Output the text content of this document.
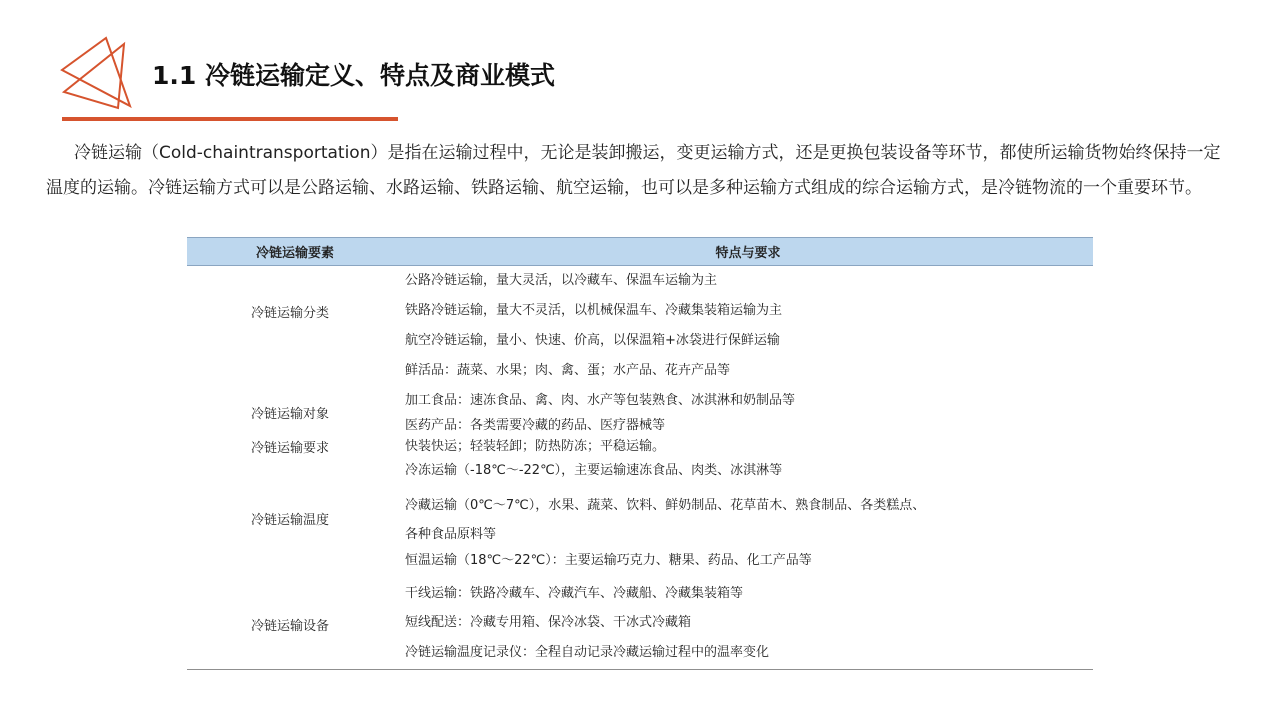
1.1 冷链运输定义、特点及商业模式

冷链运输（Cold-chaintransportation）是指在运输过程中，无论是装卸搬运，变更运输方式，还是更换包装设备等环节，都使所运输货物始终保持一定温度的运输。冷链运输方式可以是公路运输、水路运输、铁路运输、航空运输，也可以是多种运输方式组成的综合运输方式，是冷链物流的一个重要环节。

冷链运输要素	特点与要求
冷链运输分类	公路冷链运输，量大灵活，以冷藏车、保温车运输为主
铁路冷链运输，量大不灵活，以机械保温车、冷藏集装箱运输为主
航空冷链运输，量小、快速、价高，以保温箱+冰袋进行保鲜运输

冷链运输对象	鲜活品：蔬菜、水果；肉、禽、蛋；水产品、花卉产品等
加工食品：速冻食品、禽、肉、水产等包装熟食、冰淇淋和奶制品等
医药产品：各类需要冷藏的药品、医疗器械等

冷链运输要求	快装快运；轻装轻卸；防热防冻；平稳运输。

冷链运输温度	冷冻运输（-18℃～-22℃），主要运输速冻食品、肉类、冰淇淋等
冷藏运输（0℃～7℃），水果、蔬菜、饮料、鲜奶制品、花草苗木、熟食制品、各类糕点、
各种食品原料等
恒温运输（18℃～22℃）：主要运输巧克力、糖果、药品、化工产品等

冷链运输设备	干线运输：铁路冷藏车、冷藏汽车、冷藏船、冷藏集装箱等
短线配送：冷藏专用箱、保冷冰袋、干冰式冷藏箱
冷链运输温度记录仪：全程自动记录冷藏运输过程中的温率变化
